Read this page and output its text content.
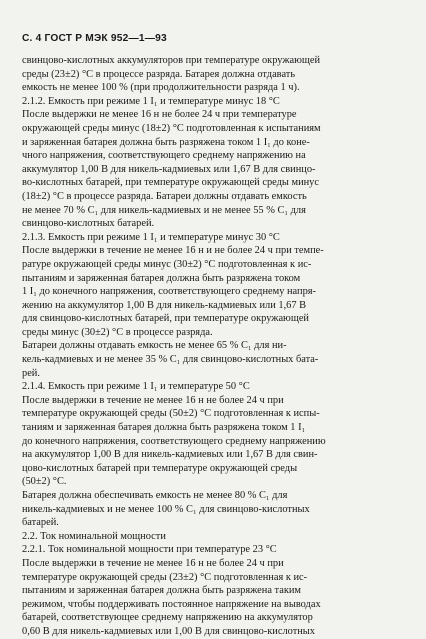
С. 4 ГОСТ Р МЭК 952—1—93
свинцово-кислотных аккумуляторов при температуре окружающей
среды (23±2) °С в процессе разряда. Батарея должна отдавать
емкость не менее 100 % (при продолжительности разряда 1 ч).
2.1.2. Емкость при режиме 1 I₁ и температуре минус 18 °С
После выдержки не менее 16 н не более 24 ч при температуре
окружающей среды минус (18±2) °С подготовленная к испытаниям
и заряженная батарея должна быть разряжена током 1 I₁ до коне-
чного напряжения, соответствующего среднему напряжению на
аккумулятор 1,00 В для никель-кадмиевых или 1,67 В для свинцо-
во-кислотных батарей, при температуре окружающей среды минус
(18±2) °С в процессе разряда. Батареи должны отдавать емкость
не менее 70 % C₁ для никель-кадмиевых и не менее 55 % C₁ для
свинцово-кислотных батарей.
2.1.3. Емкость при режиме 1 I₁ и температуре минус 30 °С
После выдержки в течение не менее 16 н и не более 24 ч при темпе-
ратуре окружающей среды минус (30±2) °С подготовленная к ис-
пытаниям и заряженная батарея должна быть разряжена током
1 I₁ до конечного напряжения, соответствующего среднему напря-
жению на аккумулятор 1,00 В для никель-кадмиевых или 1,67 В
для свинцово-кислотных батарей, при температуре окружающей
среды минус (30±2) °С в процессе разряда.
Батареи должны отдавать емкость не менее 65 % C₁ для ни-
кель-кадмиевых и не менее 35 % C₁ для свинцово-кислотных бата-
рей.
2.1.4. Емкость при режиме 1 I₁ и температуре 50 °С
После выдержки в течение не менее 16 н не более 24 ч при
температуре окружающей среды (50±2) °С подготовленная к испы-
таниям и заряженная батарея должна быть разряжена током 1 I₁
до конечного напряжения, соответствующего среднему напряжению
на аккумулятор 1,00 В для никель-кадмиевых или 1,67 В для свин-
цово-кислотных батарей при температуре окружающей среды
(50±2) °С.
Батарея должна обеспечивать емкость не менее 80 % C₁ для
никель-кадмиевых и не менее 100 % C₁ для свинцово-кислотных
батарей.
2.2. Ток номинальной мощности
2.2.1. Ток номинальной мощности при температуре 23 °С
После выдержки в течение не менее 16 н не более 24 ч при
температуре окружающей среды (23±2) °С подготовленная к ис-
пытаниям и заряженная батарея должна быть разряжена таким
режимом, чтобы поддерживать постоянное напряжение на выводах
батарей, соответствующее среднему напряжению на аккумулятор
0,60 В для никель-кадмиевых или 1,00 В для свинцово-кислотных
